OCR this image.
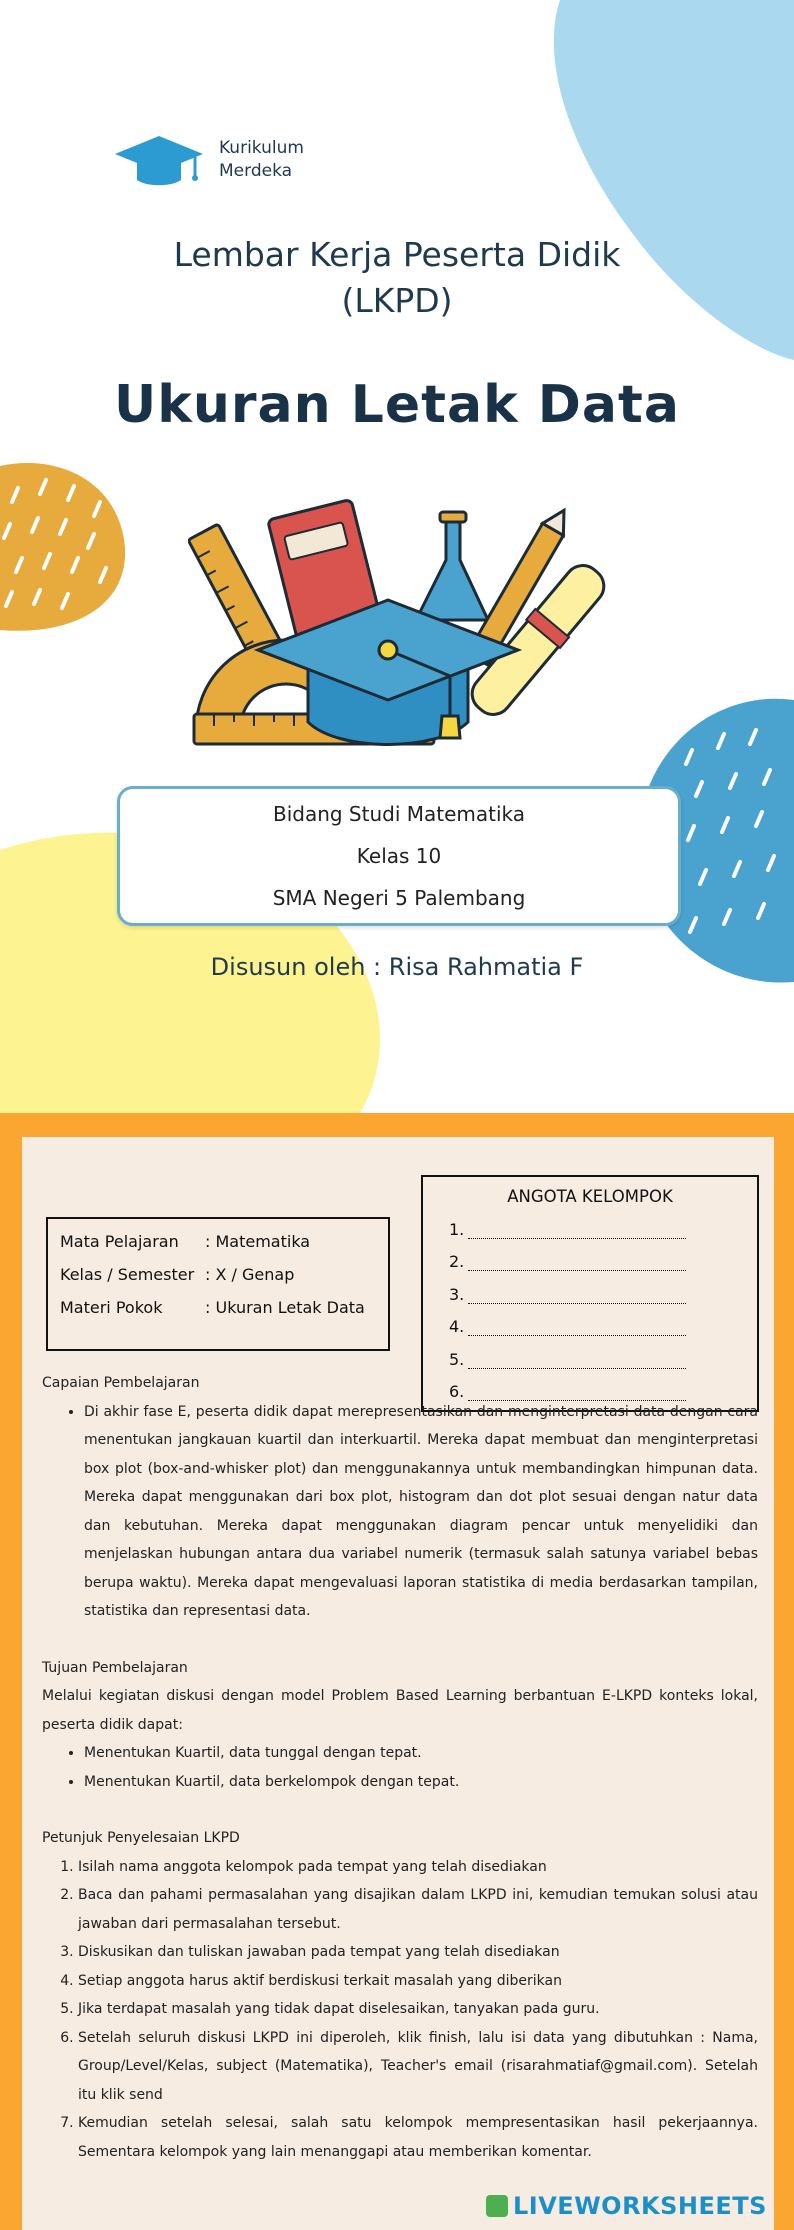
Kurikulum
Merdeka
Lembar Kerja Peserta Didik
(LKPD)
Ukuran Letak Data
Bidang Studi Matematika
Kelas 10
SMA Negeri 5 Palembang
Disusun oleh : Risa Rahmatia F
Mata Pelajaran	: Matematika
Kelas / Semester : X / Genap
Materi Pokok	: Ukuran Letak Data
ANGOTA KELOMPOK
1.
2.
3.
4.
5.
6.
Capaian Pembelajaran
• Di akhir fase E, peserta didik dapat merepresentasikan dan menginterpretasi data dengan cara menentukan jangkauan kuartil dan interkuartil. Mereka dapat membuat dan menginterpretasi box plot (box-and-whisker plot) dan menggunakannya untuk membandingkan himpunan data. Mereka dapat menggunakan dari box plot, histogram dan dot plot sesuai dengan natur data dan kebutuhan. Mereka dapat menggunakan diagram pencar untuk menyelidiki dan menjelaskan hubungan antara dua variabel numerik (termasuk salah satunya variabel bebas berupa waktu). Mereka dapat mengevaluasi laporan statistika di media berdasarkan tampilan, statistika dan representasi data.
Tujuan Pembelajaran
Melalui kegiatan diskusi dengan model Problem Based Learning berbantuan E-LKPD konteks lokal, peserta didik dapat:
• Menentukan Kuartil, data tunggal dengan tepat.
• Menentukan Kuartil, data berkelompok dengan tepat.
Petunjuk Penyelesaian LKPD
1. Isilah nama anggota kelompok pada tempat yang telah disediakan
2. Baca dan pahami permasalahan yang disajikan dalam LKPD ini, kemudian temukan solusi atau jawaban dari permasalahan tersebut.
3. Diskusikan dan tuliskan jawaban pada tempat yang telah disediakan
4. Setiap anggota harus aktif berdiskusi terkait masalah yang diberikan
5. Jika terdapat masalah yang tidak dapat diselesaikan, tanyakan pada guru.
6. Setelah seluruh diskusi LKPD ini diperoleh, klik finish, lalu isi data yang dibutuhkan : Nama, Group/Level/Kelas, subject (Matematika), Teacher's email (risarahmatiaf@gmail.com). Setelah itu klik send
7. Kemudian setelah selesai, salah satu kelompok mempresentasikan hasil pekerjaannya. Sementara kelompok yang lain menanggapi atau memberikan komentar.
LIVEWORKSHEETS
